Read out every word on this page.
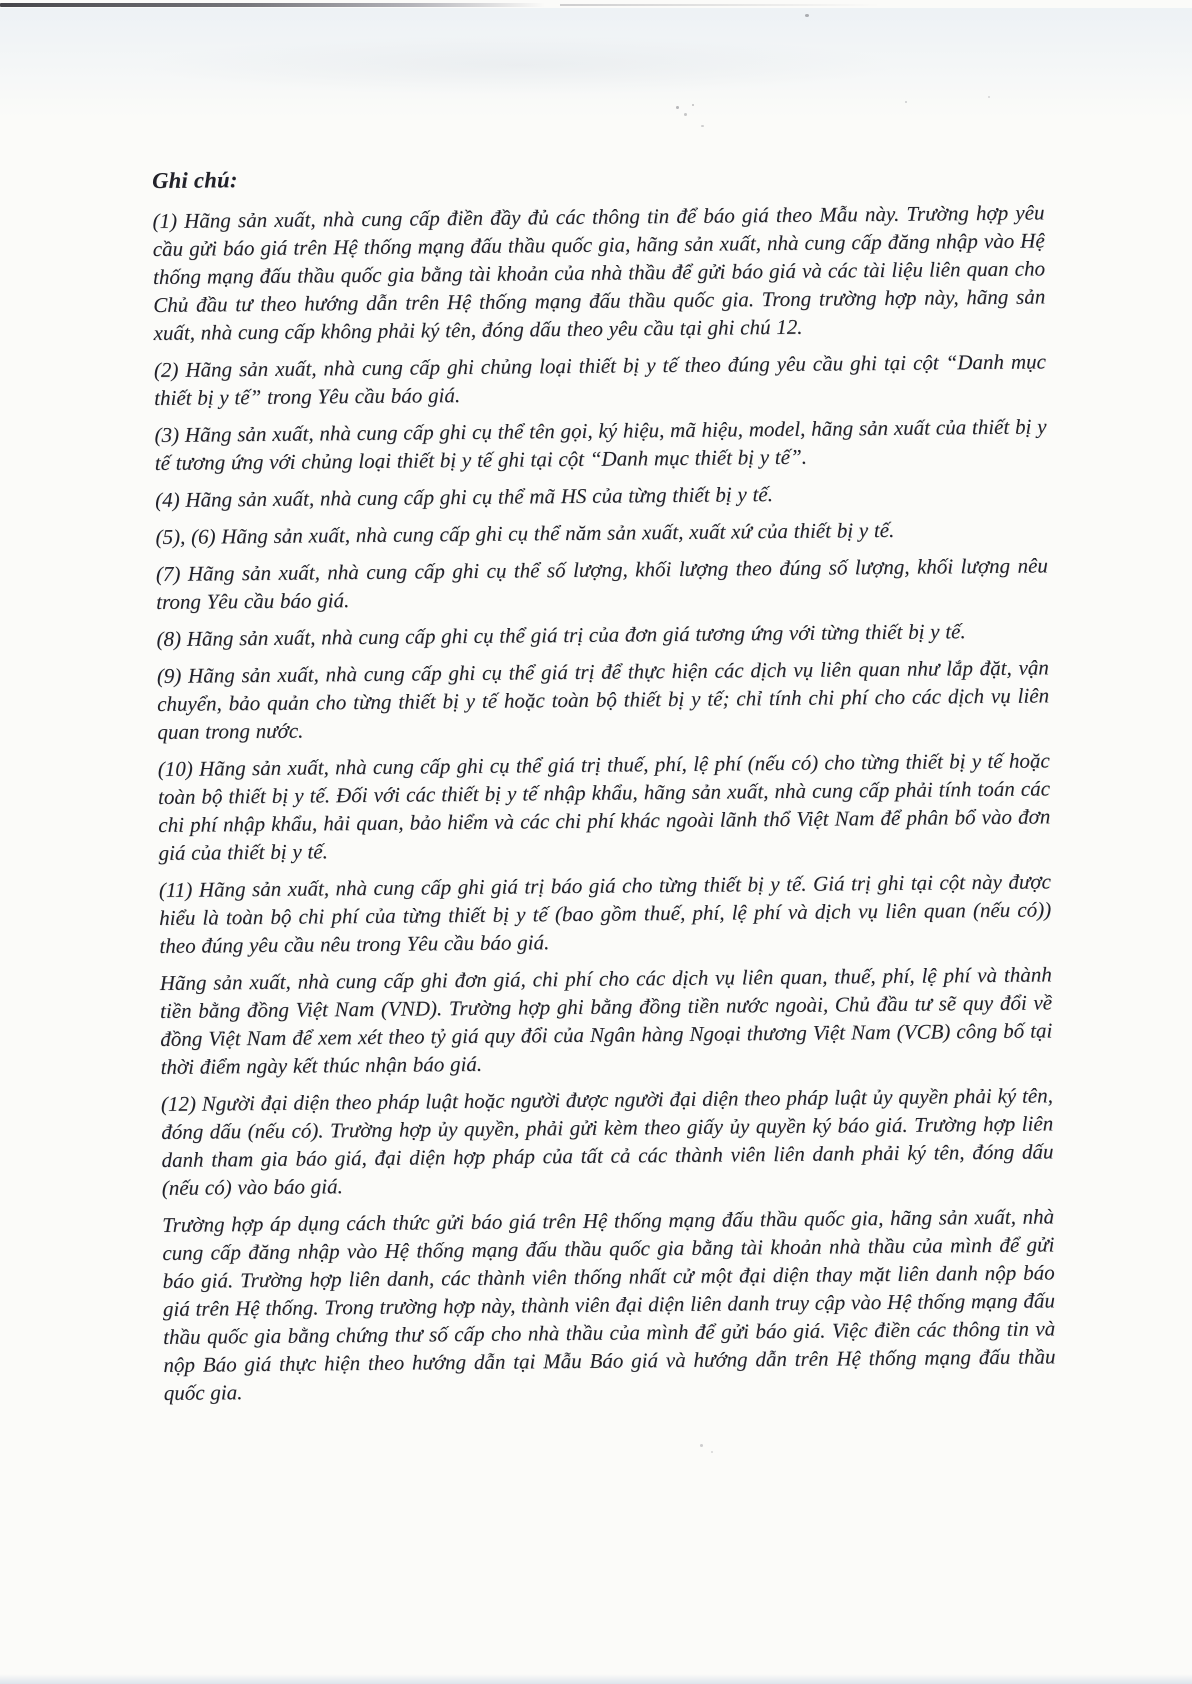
Ghi chú:

(1) Hãng sản xuất, nhà cung cấp điền đầy đủ các thông tin để báo giá theo Mẫu này. Trường hợp yêu cầu gửi báo giá trên Hệ thống mạng đấu thầu quốc gia, hãng sản xuất, nhà cung cấp đăng nhập vào Hệ thống mạng đấu thầu quốc gia bằng tài khoản của nhà thầu để gửi báo giá và các tài liệu liên quan cho Chủ đầu tư theo hướng dẫn trên Hệ thống mạng đấu thầu quốc gia. Trong trường hợp này, hãng sản xuất, nhà cung cấp không phải ký tên, đóng dấu theo yêu cầu tại ghi chú 12.

(2) Hãng sản xuất, nhà cung cấp ghi chủng loại thiết bị y tế theo đúng yêu cầu ghi tại cột “Danh mục thiết bị y tế” trong Yêu cầu báo giá.

(3) Hãng sản xuất, nhà cung cấp ghi cụ thể tên gọi, ký hiệu, mã hiệu, model, hãng sản xuất của thiết bị y tế tương ứng với chủng loại thiết bị y tế ghi tại cột “Danh mục thiết bị y tế”.

(4) Hãng sản xuất, nhà cung cấp ghi cụ thể mã HS của từng thiết bị y tế.

(5), (6) Hãng sản xuất, nhà cung cấp ghi cụ thể năm sản xuất, xuất xứ của thiết bị y tế.

(7) Hãng sản xuất, nhà cung cấp ghi cụ thể số lượng, khối lượng theo đúng số lượng, khối lượng nêu trong Yêu cầu báo giá.

(8) Hãng sản xuất, nhà cung cấp ghi cụ thể giá trị của đơn giá tương ứng với từng thiết bị y tế.

(9) Hãng sản xuất, nhà cung cấp ghi cụ thể giá trị để thực hiện các dịch vụ liên quan như lắp đặt, vận chuyển, bảo quản cho từng thiết bị y tế hoặc toàn bộ thiết bị y tế; chỉ tính chi phí cho các dịch vụ liên quan trong nước.

(10) Hãng sản xuất, nhà cung cấp ghi cụ thể giá trị thuế, phí, lệ phí (nếu có) cho từng thiết bị y tế hoặc toàn bộ thiết bị y tế. Đối với các thiết bị y tế nhập khẩu, hãng sản xuất, nhà cung cấp phải tính toán các chi phí nhập khẩu, hải quan, bảo hiểm và các chi phí khác ngoài lãnh thổ Việt Nam để phân bổ vào đơn giá của thiết bị y tế.

(11) Hãng sản xuất, nhà cung cấp ghi giá trị báo giá cho từng thiết bị y tế. Giá trị ghi tại cột này được hiểu là toàn bộ chi phí của từng thiết bị y tế (bao gồm thuế, phí, lệ phí và dịch vụ liên quan (nếu có)) theo đúng yêu cầu nêu trong Yêu cầu báo giá.

Hãng sản xuất, nhà cung cấp ghi đơn giá, chi phí cho các dịch vụ liên quan, thuế, phí, lệ phí và thành tiền bằng đồng Việt Nam (VND). Trường hợp ghi bằng đồng tiền nước ngoài, Chủ đầu tư sẽ quy đổi về đồng Việt Nam để xem xét theo tỷ giá quy đổi của Ngân hàng Ngoại thương Việt Nam (VCB) công bố tại thời điểm ngày kết thúc nhận báo giá.

(12) Người đại diện theo pháp luật hoặc người được người đại diện theo pháp luật ủy quyền phải ký tên, đóng dấu (nếu có). Trường hợp ủy quyền, phải gửi kèm theo giấy ủy quyền ký báo giá. Trường hợp liên danh tham gia báo giá, đại diện hợp pháp của tất cả các thành viên liên danh phải ký tên, đóng dấu (nếu có) vào báo giá.

Trường hợp áp dụng cách thức gửi báo giá trên Hệ thống mạng đấu thầu quốc gia, hãng sản xuất, nhà cung cấp đăng nhập vào Hệ thống mạng đấu thầu quốc gia bằng tài khoản nhà thầu của mình để gửi báo giá. Trường hợp liên danh, các thành viên thống nhất cử một đại diện thay mặt liên danh nộp báo giá trên Hệ thống. Trong trường hợp này, thành viên đại diện liên danh truy cập vào Hệ thống mạng đấu thầu quốc gia bằng chứng thư số cấp cho nhà thầu của mình để gửi báo giá. Việc điền các thông tin và nộp Báo giá thực hiện theo hướng dẫn tại Mẫu Báo giá và hướng dẫn trên Hệ thống mạng đấu thầu quốc gia.
